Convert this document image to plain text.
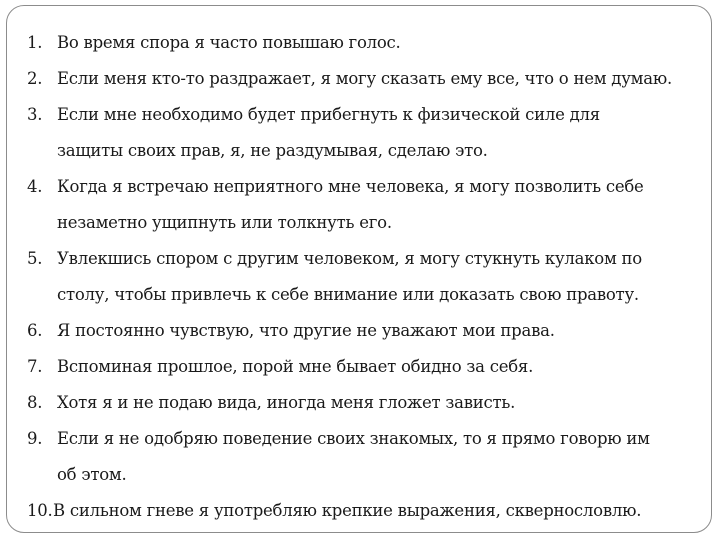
1. Во время спора я часто повышаю голос.
2. Если меня кто-то раздражает, я могу сказать ему все, что о нем думаю.
3. Если мне необходимо будет прибегнуть к физической силе для
защиты своих прав, я, не раздумывая, сделаю это.
4. Когда я встречаю неприятного мне человека, я могу позволить себе
незаметно ущипнуть или толкнуть его.
5. Увлекшись спором с другим человеком, я могу стукнуть кулаком по
столу, чтобы привлечь к себе внимание или доказать свою правоту.
6. Я постоянно чувствую, что другие не уважают мои права.
7. Вспоминая прошлое, порой мне бывает обидно за себя.
8. Хотя я и не подаю вида, иногда меня гложет зависть.
9. Если я не одобряю поведение своих знакомых, то я прямо говорю им
об этом.
10. В сильном гневе я употребляю крепкие выражения, сквернословлю.
